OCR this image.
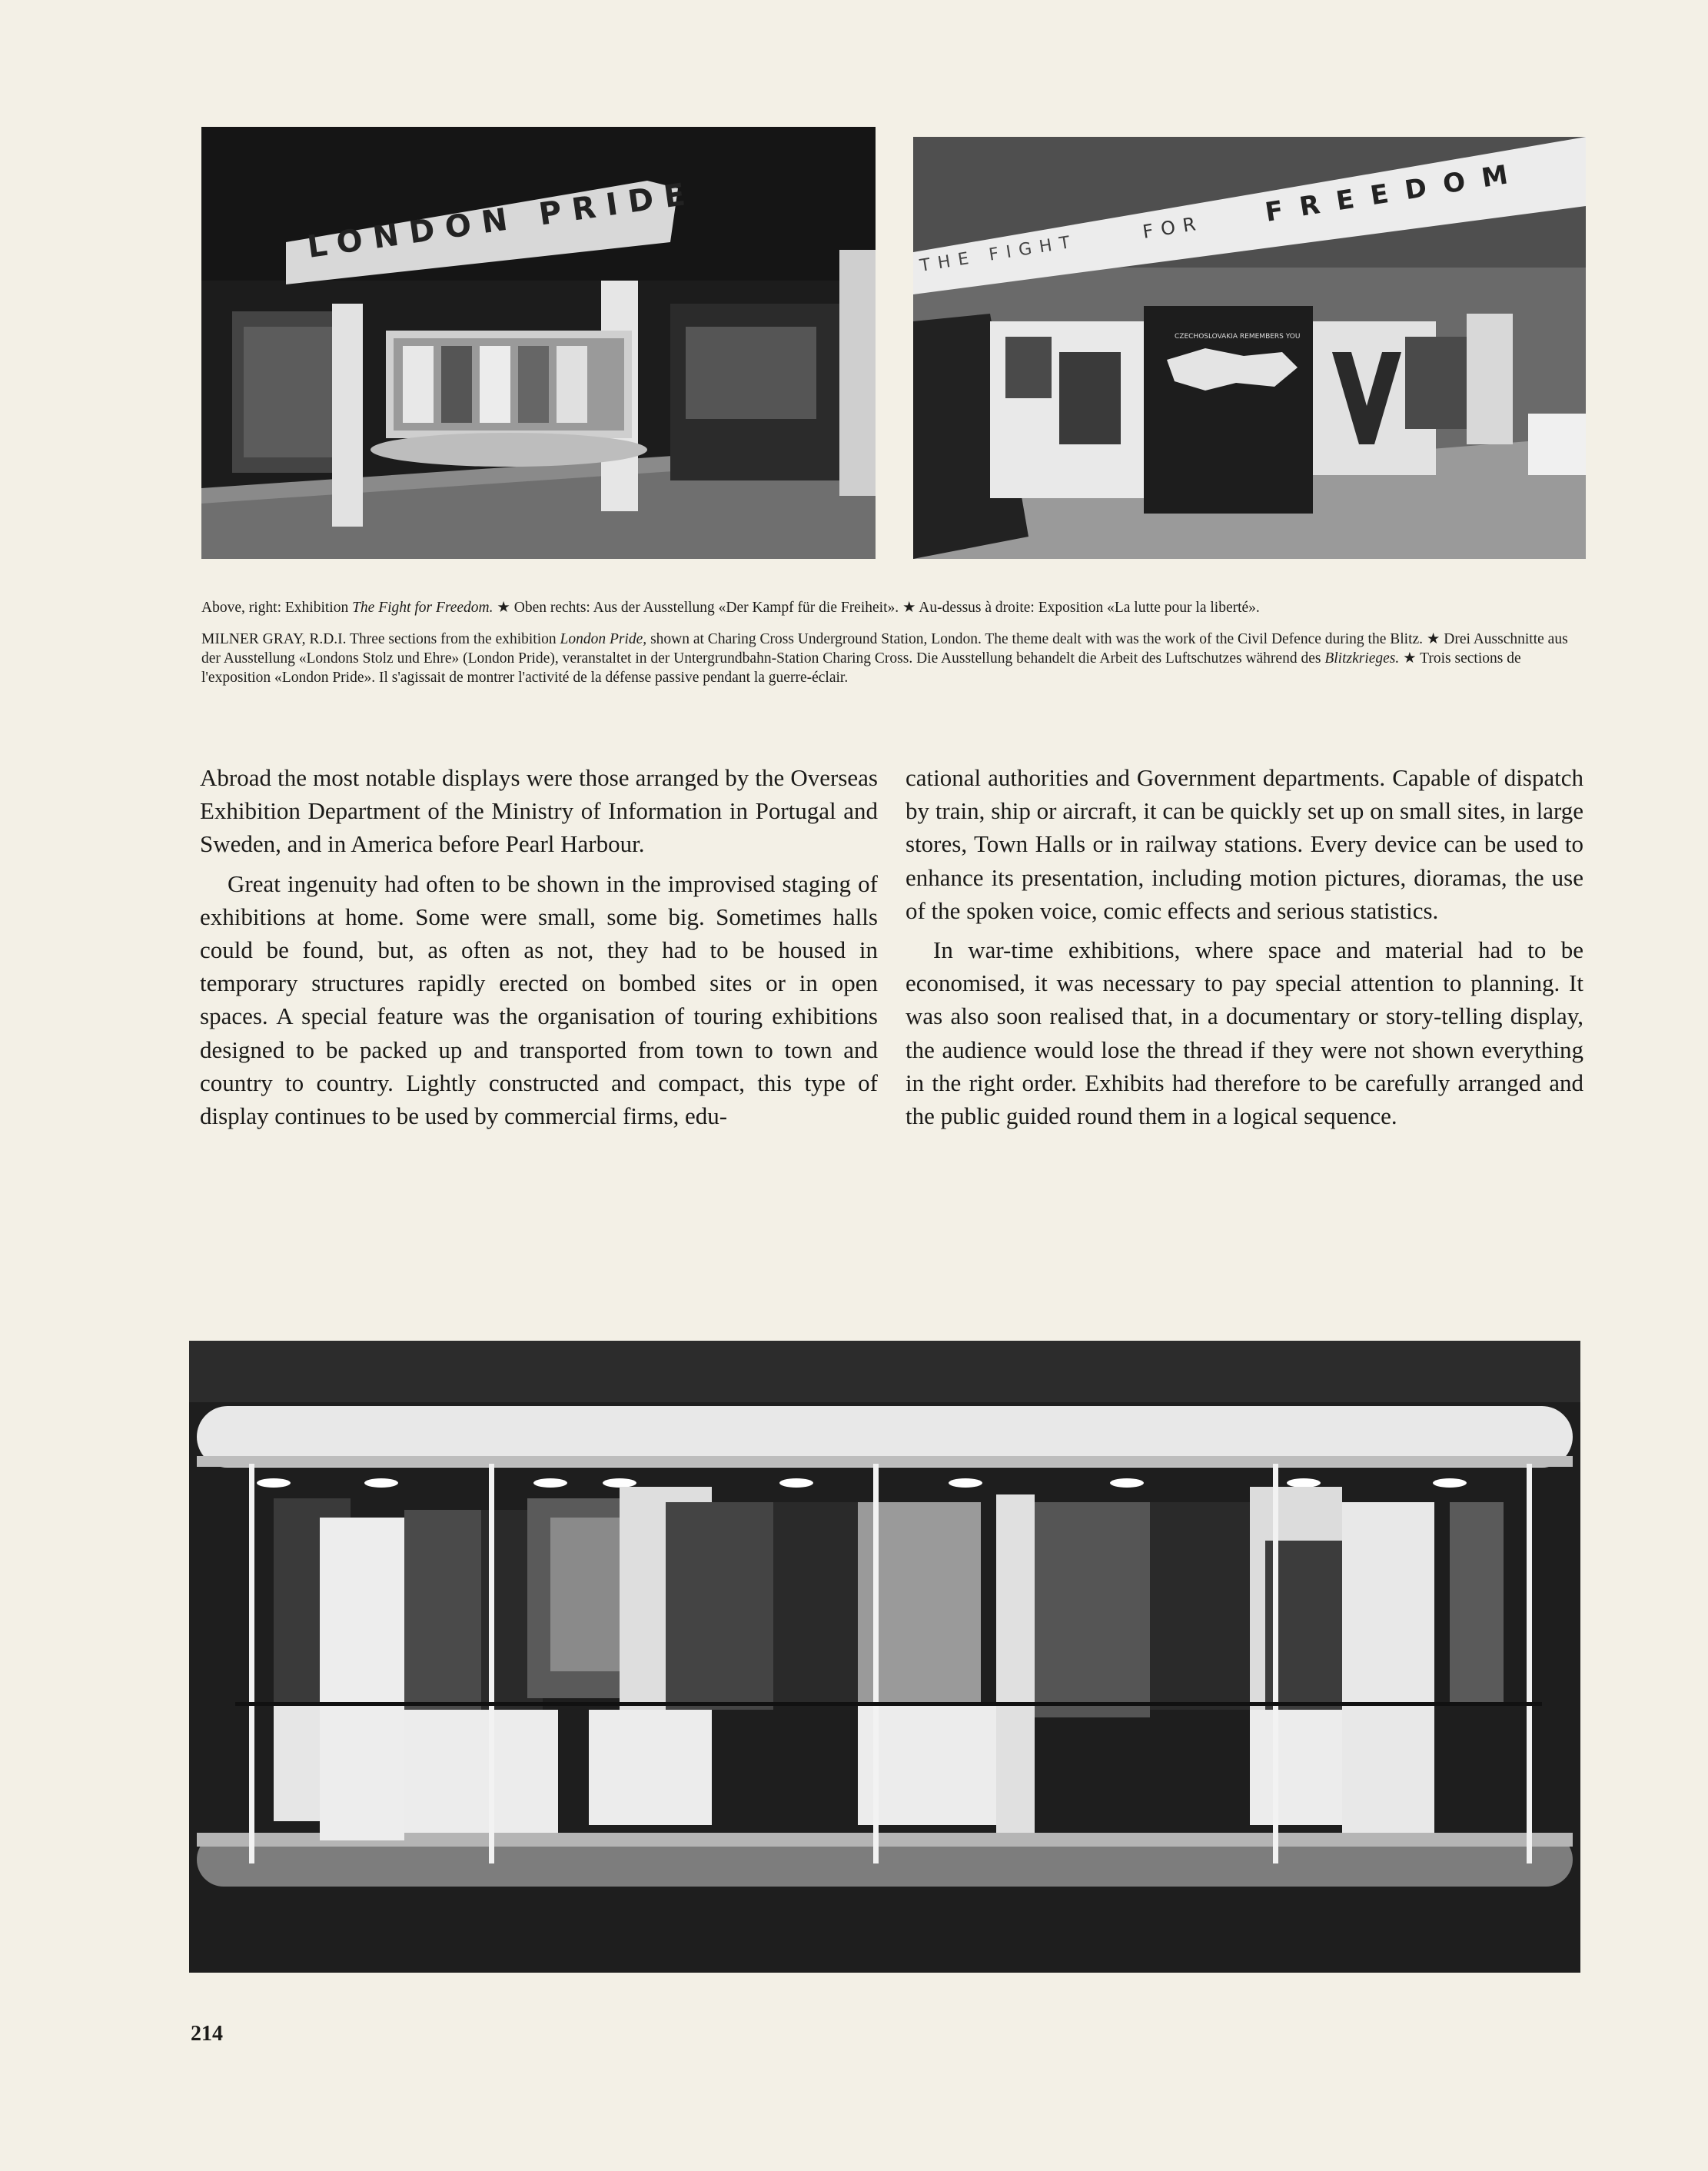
LONDON PRIDE	THE FIGHT
FOR FREEDOM
CZECHOSLOVAKIA REMEMBERS YOU
Above, right: Exhibition The Fight for Freedom. ★ Oben rechts: Aus der Ausstellung «Der Kampf für die Freiheit». ★ Au-dessus à droite: Exposition «La lutte pour la liberté».
MILNER GRAY, R.D.I. Three sections from the exhibition London Pride, shown at Charing Cross Underground Station, London. The theme dealt with was the work of the Civil Defence during the Blitz. ★ Drei Ausschnitte aus der Ausstellung «Londons Stolz und Ehre» (London Pride), veranstaltet in der Untergrundbahn-Station Charing Cross. Die Ausstellung behandelt die Arbeit des Luftschutzes während des Blitzkrieges. ★ Trois sections de l'exposition «London Pride». Il s'agissait de montrer l'activité de la défense passive pendant la guerre-éclair.

Abroad the most notable displays were those arranged by the Overseas Exhibition Department of the Ministry of Information in Portugal and Sweden, and in America before Pearl Harbour.

Great ingenuity had often to be shown in the improvised staging of exhibitions at home. Some were small, some big. Sometimes halls could be found, but, as often as not, they had to be housed in temporary structures rapidly erected on bombed sites or in open spaces. A special feature was the organisation of touring exhibitions designed to be packed up and transported from town to town and country to country. Lightly constructed and compact, this type of display continues to be used by commercial firms, edu-

cational authorities and Government departments. Capable of dispatch by train, ship or aircraft, it can be quickly set up on small sites, in large stores, Town Halls or in railway stations. Every device can be used to enhance its presentation, including motion pictures, dioramas, the use of the spoken voice, comic effects and serious statistics.

In war-time exhibitions, where space and material had to be economised, it was necessary to pay special attention to planning. It was also soon realised that, in a documentary or story-telling display, the audience would lose the thread if they were not shown everything in the right order. Exhibits had therefore to be carefully arranged and the public guided round them in a logical sequence.

214
